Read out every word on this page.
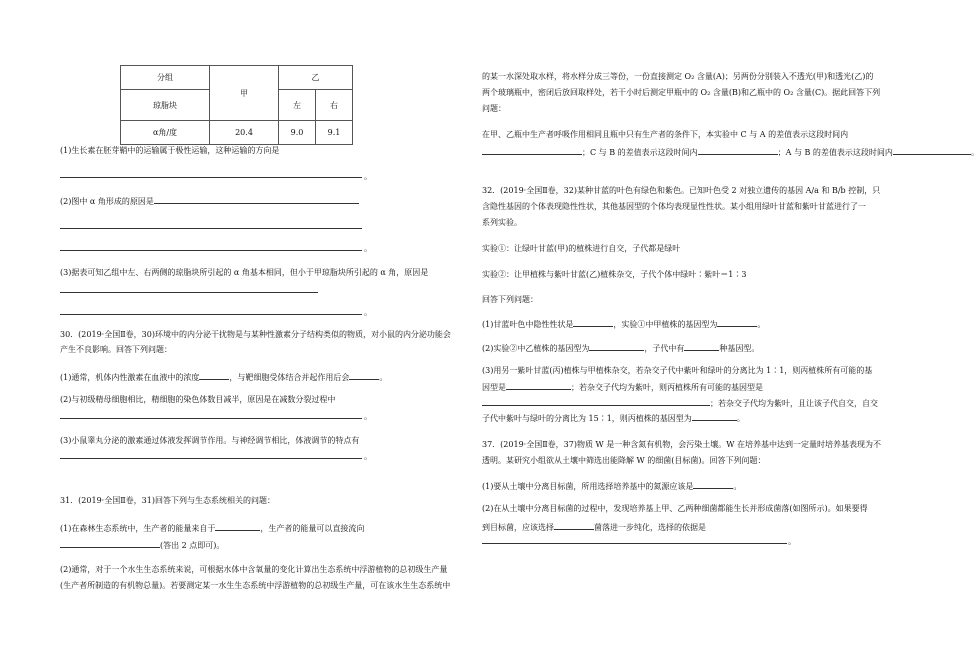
分组	甲	乙	
琼脂块		左	右
α角/度	20.4	9.0	9.1
(1)生长素在胚芽鞘中的运输属于极性运输，这种运输的方向是
。
(2)图中 α 角形成的原因是
。
(3)据表可知乙组中左、右两侧的琼脂块所引起的 α 角基本相同，但小于甲琼脂块所引起的 α 角，原因是
。
30．(2019·全国Ⅱ卷，30)环境中的内分泌干扰物是与某种性激素分子结构类似的物质，对小鼠的内分泌功能会
产生不良影响。回答下列问题：
(1)通常，机体内性激素在血液中的浓度	，与靶细胞受体结合并起作用后会	。
(2)与初级精母细胞相比，精细胞的染色体数目减半，原因是在减数分裂过程中
。
(3)小鼠睾丸分泌的激素通过体液发挥调节作用。与神经调节相比，体液调节的特点有
。
31．(2019·全国Ⅱ卷，31)回答下列与生态系统相关的问题：
(1)在森林生态系统中，生产者的能量来自于	，生产者的能量可以直接流向
(答出 2 点即可)。
(2)通常，对于一个水生生态系统来说，可根据水体中含氧量的变化计算出生态系统中浮游植物的总初级生产量
(生产者所制造的有机物总量)。若要测定某一水生生态系统中浮游植物的总初级生产量，可在该水生生态系统中
的某一水深处取水样，将水样分成三等份，一份直接测定 O₂ 含量(A)；另两份分别装入不透光(甲)和透光(乙)的
两个玻璃瓶中，密闭后放回取样处，若干小时后测定甲瓶中的 O₂ 含量(B)和乙瓶中的 O₂ 含量(C)。据此回答下列
问题：
在甲、乙瓶中生产者呼吸作用相同且瓶中只有生产者的条件下，本实验中 C 与 A 的差值表示这段时间内
；C 与 B 的差值表示这段时间内	；A 与 B 的差值表示这段时间内	。
32．(2019·全国Ⅱ卷，32)某种甘蓝的叶色有绿色和紫色。已知叶色受 2 对独立遗传的基因 A/a 和 B/b 控制，只
含隐性基因的个体表现隐性性状，其他基因型的个体均表现显性性状。某小组用绿叶甘蓝和紫叶甘蓝进行了一
系列实验。
实验①：让绿叶甘蓝(甲)的植株进行自交，子代都是绿叶
实验②：让甲植株与紫叶甘蓝(乙)植株杂交，子代个体中绿叶∶紫叶＝1∶3
回答下列问题：
(1)甘蓝叶色中隐性性状是	，实验①中甲植株的基因型为	。
(2)实验②中乙植株的基因型为	，子代中有	种基因型。
(3)用另一紫叶甘蓝(丙)植株与甲植株杂交，若杂交子代中紫叶和绿叶的分离比为 1∶1，则丙植株所有可能的基
因型是	；若杂交子代均为紫叶，则丙植株所有可能的基因型是
；若杂交子代均为紫叶，且让该子代自交，自交
子代中紫叶与绿叶的分离比为 15∶1，则丙植株的基因型为	。
37．(2019·全国Ⅱ卷，37)物质 W 是一种含氮有机物，会污染土壤。W 在培养基中达到一定量时培养基表现为不
透明。某研究小组欲从土壤中筛选出能降解 W 的细菌(目标菌)。回答下列问题：
(1)要从土壤中分离目标菌，所用选择培养基中的氮源应该是	。
(2)在从土壤中分离目标菌的过程中，发现培养基上甲、乙两种细菌都能生长并形成菌落(如图所示)。如果要得
到目标菌，应该选择	菌落进一步纯化，选择的依据是
。
